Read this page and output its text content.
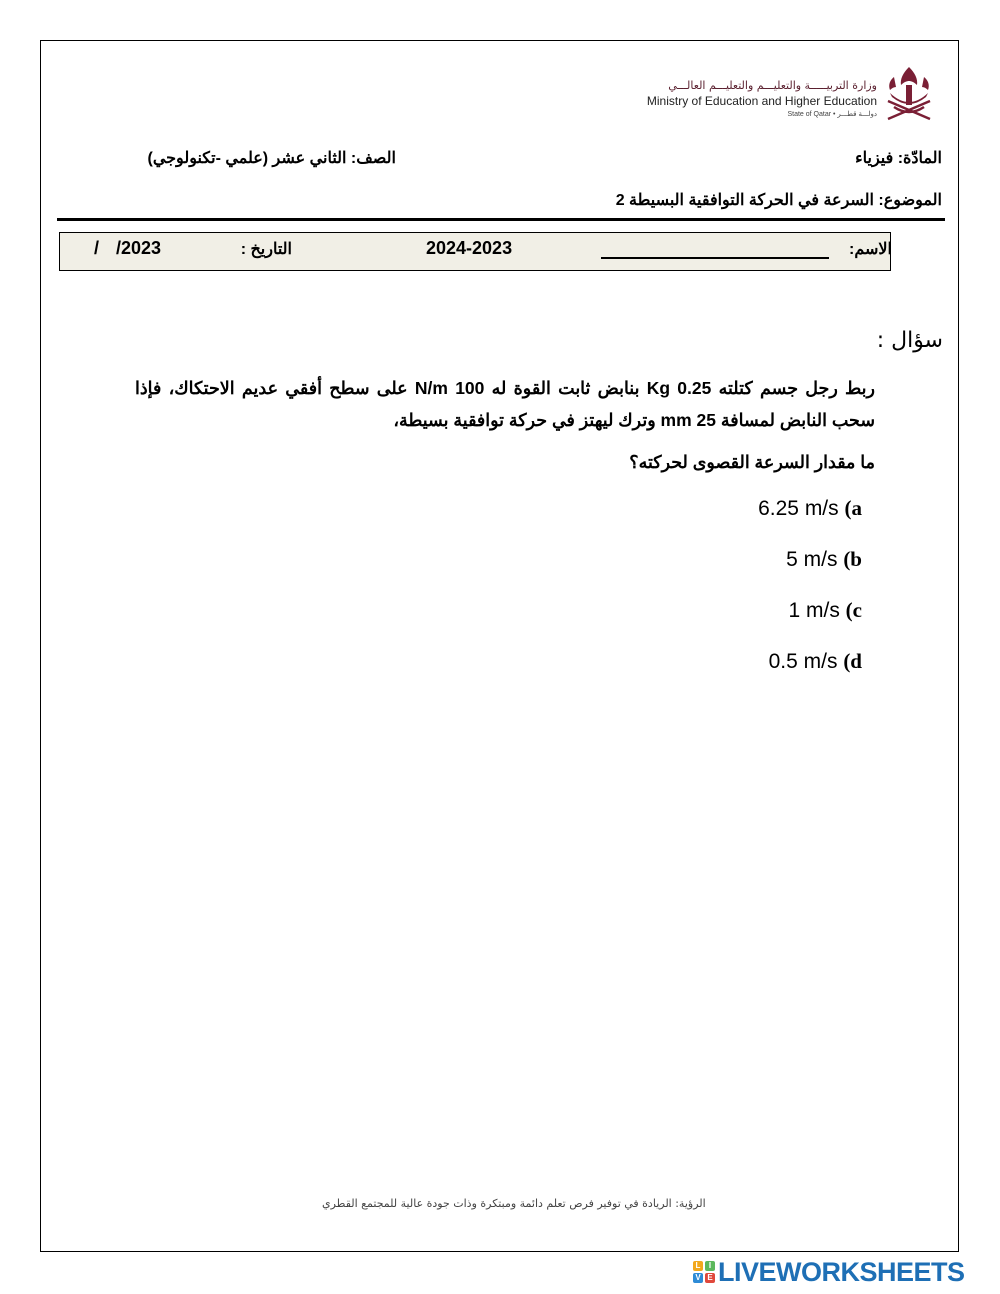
وزارة التربيـــــة والتعليـــم والتعليـــم العالـــي
Ministry of Education and Higher Education
State of Qatar • دولـــة قطـــر
المادّة: فيزياء
الصف: الثاني عشر (علمي -تكنولوجي)
الموضوع: السرعة في الحركة التوافقية البسيطة 2
الاسم:
2024-2023
التاريخ :
/ /2023
سؤال :
ربط رجل جسم كتلته 0.25 Kg بنابض ثابت القوة له 100 N/m على سطح أفقي عديم الاحتكاك، فإذا سحب النابض لمسافة 25 mm وترك ليهتز في حركة توافقية بسيطة،
ما مقدار السرعة القصوى لحركته؟
6.25 m/s (a
5 m/s (b
1 m/s (c
0.5 m/s (d
الرؤية: الريادة في توفير فرص تعلم دائمة ومبتكرة وذات جودة عالية للمجتمع القطري
L	I
V E LIVEWORKSHEETS
